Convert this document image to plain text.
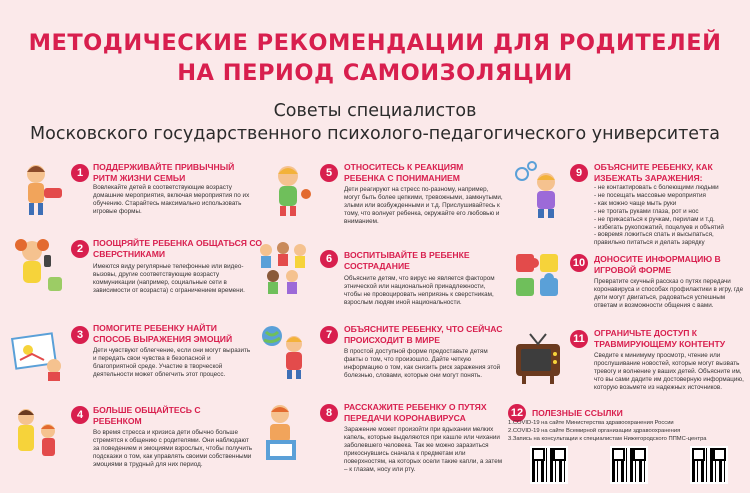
МЕТОДИЧЕСКИЕ РЕКОМЕНДАЦИИ ДЛЯ РОДИТЕЛЕЙ
НА ПЕРИОД САМОИЗОЛЯЦИИ
Советы специалистов
Московского государственного психолого-педагогического университета
1	ПОДДЕРЖИВАЙТЕ ПРИВЫЧНЫЙ РИТМ ЖИЗНИ СЕМЬИ
Вовлекайте детей в соответствующие возрасту домашние мероприятия, включая мероприятия по их обучению. Старайтесь максимально использовать игровые формы.
2	ПООЩРЯЙТЕ РЕБЕНКА ОБЩАТЬСЯ СО СВЕРСТНИКАМИ
Имеются виду регулярные телефонные или видео-вызовы, другие соответствующие возрасту коммуникации (например, социальные сети в зависимости от возраста) с ограничением времени.
3
ПОМОГИТЕ РЕБЕНКУ НАЙТИ СПОСОБ ВЫРАЖЕНИЯ ЭМОЦИЙ
Дети чувствуют облегчение, если они могут выразить и передать свои чувства в безопасной и благоприятной среде. Участие в творческой деятельности может облегчить этот процесс.
4	БОЛЬШЕ ОБЩАЙТЕСЬ С РЕБЕНКОМ
Во время стресса и кризиса дети обычно больше стремятся к общению с родителями. Они наблюдают за поведением и эмоциями взрослых, чтобы получить подсказки о том, как управлять своими собственными эмоциями в трудный для них период.
5	ОТНОСИТЕСЬ К РЕАКЦИЯМ РЕБЕНКА С ПОНИМАНИЕМ
Дети реагируют на стресс по-разному, например, могут быть более цепкими, тревожными, замкнутыми, злыми или возбужденными и т.д. Прислушивайтесь к тому, что волнует ребенка, окружайте его любовью и вниманием.
6	ВОСПИТЫВАЙТЕ В РЕБЕНКЕ СОСТРАДАНИЕ
Объясните детям, что вирус не является фактором этнической или национальной принадлежности, чтобы не провоцировать неприязнь к сверстникам, взрослым людям иной национальности.
7	ОБЪЯСНИТЕ РЕБЕНКУ, ЧТО СЕЙЧАС ПРОИСХОДИТ В МИРЕ
В простой доступной форме предоставьте детям факты о том, что произошло. Дайте четкую информацию о том, как снизить риск заражения этой болезнью, словами, которые они могут понять.
8	РАССКАЖИТЕ РЕБЕНКУ О ПУТЯХ ПЕРЕДАЧИ КОРОНАВИРУСА
Заражение может произойти при вдыхании мелких капель, которые выделяются при кашле или чихании заболевшего человека. Так же можно заразиться прикоснувшись сначала к предметам или поверхностям, на которых осели такие капли, а затем – к глазам, носу или рту.
9	ОБЪЯСНИТЕ РЕБЕНКУ, КАК ИЗБЕЖАТЬ ЗАРАЖЕНИЯ:
- не контактировать с болеющими людьми
- не посещать массовые мероприятия
- как можно чаще мыть руки
- не трогать руками глаза, рот и нос
- не прикасаться к ручкам, перилам и т.д.
- избегать рукопожатий, поцелуев и объятий
- вовремя ложиться спать и высыпаться,
правильно питаться и делать зарядку
10	ДОНОСИТЕ ИНФОРМАЦИЮ В ИГРОВОЙ ФОРМЕ
Превратите скучный рассказ о путях передачи коронавируса и способах профилактики в игру, где дети могут двигаться, радоваться успешным ответам и возможности общения с вами.
11	ОГРАНИЧЬТЕ ДОСТУП К ТРАВМИРУЮЩЕМУ КОНТЕНТУ
Сведите к минимуму просмотр, чтение или прослушивание новостей, которые могут вызвать тревогу и волнение у ваших детей. Объясните им, что вы сами дадите им достоверную информацию, которую возьмете из надежных источников.
12	ПОЛЕЗНЫЕ ССЫЛКИ
1.COVID-19 на сайте Министерства здравоохранения России
2.COVID-19 на сайте Всемирной организации здравоохранения
3.Запись на консультации к специалистам Нижегородского ППМС-центра
